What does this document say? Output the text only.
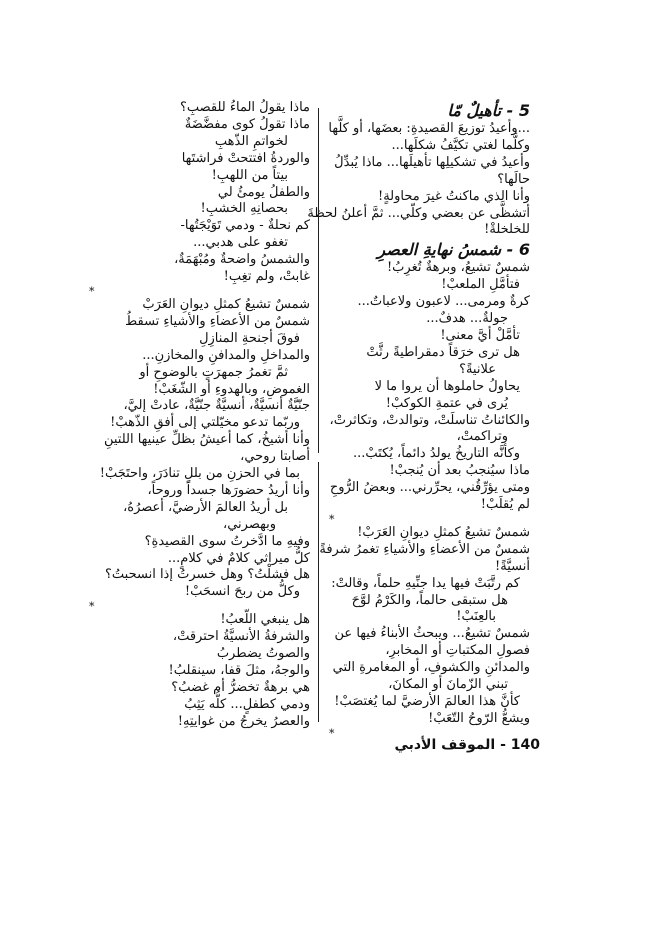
5 - تأهيلٌ مّا
...وأعيدُ توزيعَ القصيدةِ: بعضَها، أو كلَّها
وكلَّما لغتي تكيَّفُ شكلَها...
وأعيدُ في تشكيلِها تأهيلَها... ماذا يُبدِّلُ
حالَها؟
وأنا الذي ماكنتُ غيرَ محاولةٍ!
أتشظَّى عن بعضي وكلّي... ثمَّ أعلنُ لحظةَ
للخلخلةْ!
6 - شمسُ نهايةِ العصرِ
شمسٌ تشيعُ، وبرهةٌ تُغرِبُ!
فتأمَّلِ الملعبْ!
كرةٌ ومرمى... لاعبون ولاعباتٌ...
جولةٌ... هدفٌ...
تأمَّلْ أيَّ معنى!
هل ترى خرَقاً دمقراطيةً رثَّتْ
علانيةً؟
يحاولُ حاملوها أن يروا ما لا
يُرى في عتمةِ الكوكبْ!
والكائناتُ تناسلَتْ، وتوالدتْ، وتكاثرتْ،
وتراكمتْ،
وكأنَّه التاريخُ يولدُ دائماً، يُكتَبْ...
ماذا سيُنجبُ بعد أن يُنجبْ!
ومتى يؤرِّقُني، يحرِّرني... وبعضُ الرُّوحِ
لم يُقلَبْ!
*
شمسٌ تشيعُ كمثلِ ديوانِ العَرَبْ!
شمسٌ من الأعضاءِ والأشياءِ تغمرُ شرفةً
أنسيَّةً!
كم رتَّبَتْ فيها يدا جنِّيهِ حلماً، وقالتْ:
هل ستبقى حالماً، والكَرْمُ لوَّحَ
بالعِنَبْ!
شمسٌ تشيعُ... ويبحثُ الأبناءُ فيها عن
فصولِ المكتباتِ أو المخابرِ،
والمدائنِ والكشوفِ، أو المغامرةِ التي
تبني الزّمانَ أو المكانَ،
كأنَّ هذا العالمَ الأرضيَّ لما يُغتصَبْ!
ويشعُّ الرّوحُ التّعَبْ!
*
ماذا يقولُ الماءُ للقصبِ؟
ماذا تقولُ كوى مفضَّضَةٌ
لخواتمِ الذّهبِ
والوردةُ افتتحتْ فراشتَها
بيتاً من اللهبِ!
والطفلُ يومئُ لي
بحصانِهِ الخشبِ!
كم نحلةٌ - ودمي تَوَيْجَتُها-
تغفو على هدبي...
والشمسُ واضحةٌ ومُبْهَمَةٌ،
غابتْ، ولم تغِبِ!
*
شمسٌ تشيعُ كمثلِ ديوانِ العَرَبْ
شمسٌ من الأعضاءِ والأشياءِ تسقطُ
فوقَ أجنحةِ المنازِلِ
والمداخلِ والمدافنِ والمخازنِ...
ثمَّ تغمرُ جمهرَتٍ بالوضوحِ أو
الغموضِ، وبالهدوءِ أو الشّغَبْ!
جنّيَّةٌ أنسيَّةٌ، أنسيَّةٌ جنّيَّةٌ، عادتْ إليَّ،
وربّما تدعو مخيّلتي إلى أفقِ الذّهبْ!
وأنا أشيخُ، كما أعيشُ بظلِّ عينيها اللتينِ
أصابتا روحي،
بما في الحزنِ من بللٍ تنادَرَ، واحتَجَبْ!
وأنا أريدُ حضورَها جسداً وروحاً،
بل أريدُ العالمَ الأرضيَّ، أعصرُهُ،
وبهصرني،
وفيهِ ما ادَّخرتُ سوى القصيدةِ؟
كلُّ ميراثي كلامٌ في كلامٍ...
هل فشلْتُ؟ وهل خسرتُ إذا انسحبتُ؟
وكلُّ من ربحَ انسحَبْ!
*
هل ينبغي اللّعبُ!
والشرفةُ الأنسيَّةُ احترقتْ،
والصوتُ يضطربُ
والوجهُ، مثلَ قفا، سينقلبُ!
هي برهةٌ تخضرُّ أم غضبُ؟
ودمي كطفلٍ... كلُّه يَثِبُ
والعصرُ يخرجُ من غوايتِهِ!
140 - الموقف الأدبي
